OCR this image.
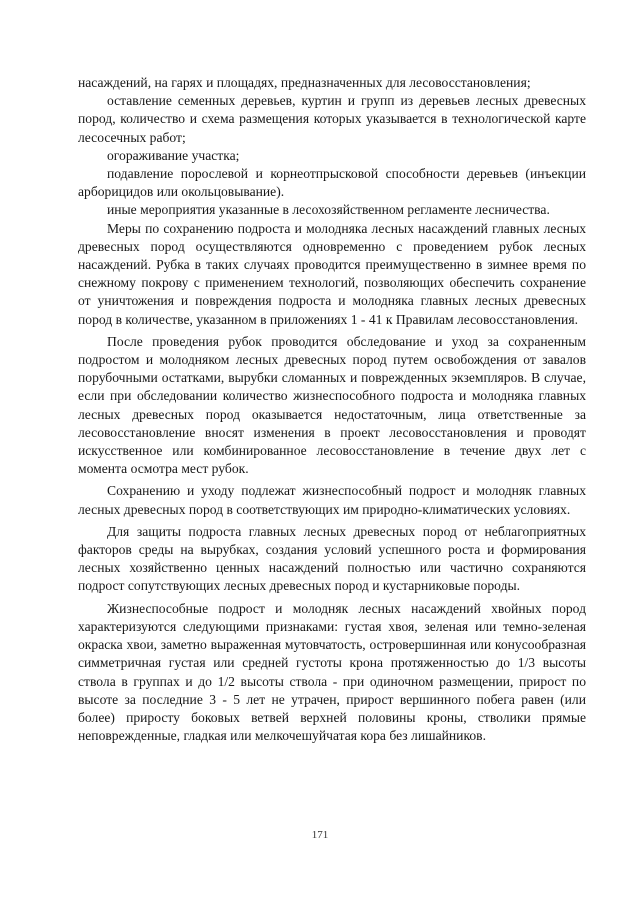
насаждений, на гарях и площадях, предназначенных для лесовосстановления;

оставление семенных деревьев, куртин и групп из деревьев лесных древесных пород, количество и схема размещения которых указывается в технологической карте лесосечных работ;

огораживание участка;

подавление порослевой и корнеотпрысковой способности деревьев (инъекции арборицидов или окольцовывание).

иные мероприятия указанные в лесохозяйственном регламенте лесничества.

Меры по сохранению подроста и молодняка лесных насаждений главных лесных древесных пород осуществляются одновременно с проведением рубок лесных насаждений. Рубка в таких случаях проводится преимущественно в зимнее время по снежному покрову с применением технологий, позволяющих обеспечить сохранение от уничтожения и повреждения подроста и молодняка главных лесных древесных пород в количестве, указанном в приложениях 1 - 41 к Правилам лесовосстановления.

После проведения рубок проводится обследование и уход за сохраненным подростом и молодняком лесных древесных пород путем освобождения от завалов порубочными остатками, вырубки сломанных и поврежденных экземпляров. В случае, если при обследовании количество жизнеспособного подроста и молодняка главных лесных древесных пород оказывается недостаточным, лица ответственные за лесовосстановление вносят изменения в проект лесовосстановления и проводят искусственное или комбинированное лесовосстановление в течение двух лет с момента осмотра мест рубок.

Сохранению и уходу подлежат жизнеспособный подрост и молодняк главных лесных древесных пород в соответствующих им природно-климатических условиях.

Для защиты подроста главных лесных древесных пород от неблагоприятных факторов среды на вырубках, создания условий успешного роста и формирования лесных хозяйственно ценных насаждений полностью или частично сохраняются подрост сопутствующих лесных древесных пород и кустарниковые породы.

Жизнеспособные подрост и молодняк лесных насаждений хвойных пород характеризуются следующими признаками: густая хвоя, зеленая или темно-зеленая окраска хвои, заметно выраженная мутовчатость, островершинная или конусообразная симметричная густая или средней густоты крона протяженностью до 1/3 высоты ствола в группах и до 1/2 высоты ствола - при одиночном размещении, прирост по высоте за последние 3 - 5 лет не утрачен, прирост вершинного побега равен (или более) приросту боковых ветвей верхней половины кроны, стволики прямые неповрежденные, гладкая или мелкочешуйчатая кора без лишайников.

171
